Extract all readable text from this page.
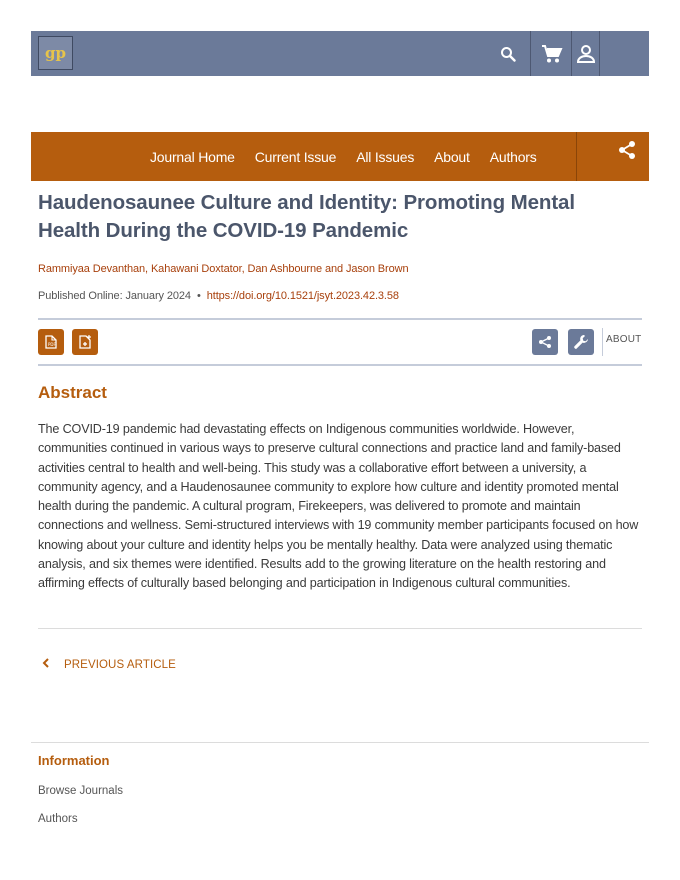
gp
Journal Home Current Issue All Issues About Authors
Haudenosaunee Culture and Identity: Promoting Mental Health During the COVID-19 Pandemic
Rammiyaa Devanthan, Kahawani Doxtator, Dan Ashbourne and Jason Brown
Published Online: January 2024 • https://doi.org/10.1521/jsyt.2023.42.3.58
PDF	ABOUT
Abstract

The COVID-19 pandemic had devastating effects on Indigenous communities worldwide. However, communities continued in various ways to preserve cultural connections and practice land and family-based activities central to health and well-being. This study was a collaborative effort between a university, a community agency, and a Haudenosaunee community to explore how culture and identity promoted mental health during the pandemic. A cultural program, Firekeepers, was delivered to promote and maintain connections and wellness. Semi-structured interviews with 19 community member participants focused on how knowing about your culture and identity helps you be mentally healthy. Data were analyzed using thematic analysis, and six themes were identified. Results add to the growing literature on the health restoring and affirming effects of culturally based belonging and participation in Indigenous cultural communities.

PREVIOUS ARTICLE
Information
Browse Journals
Authors
